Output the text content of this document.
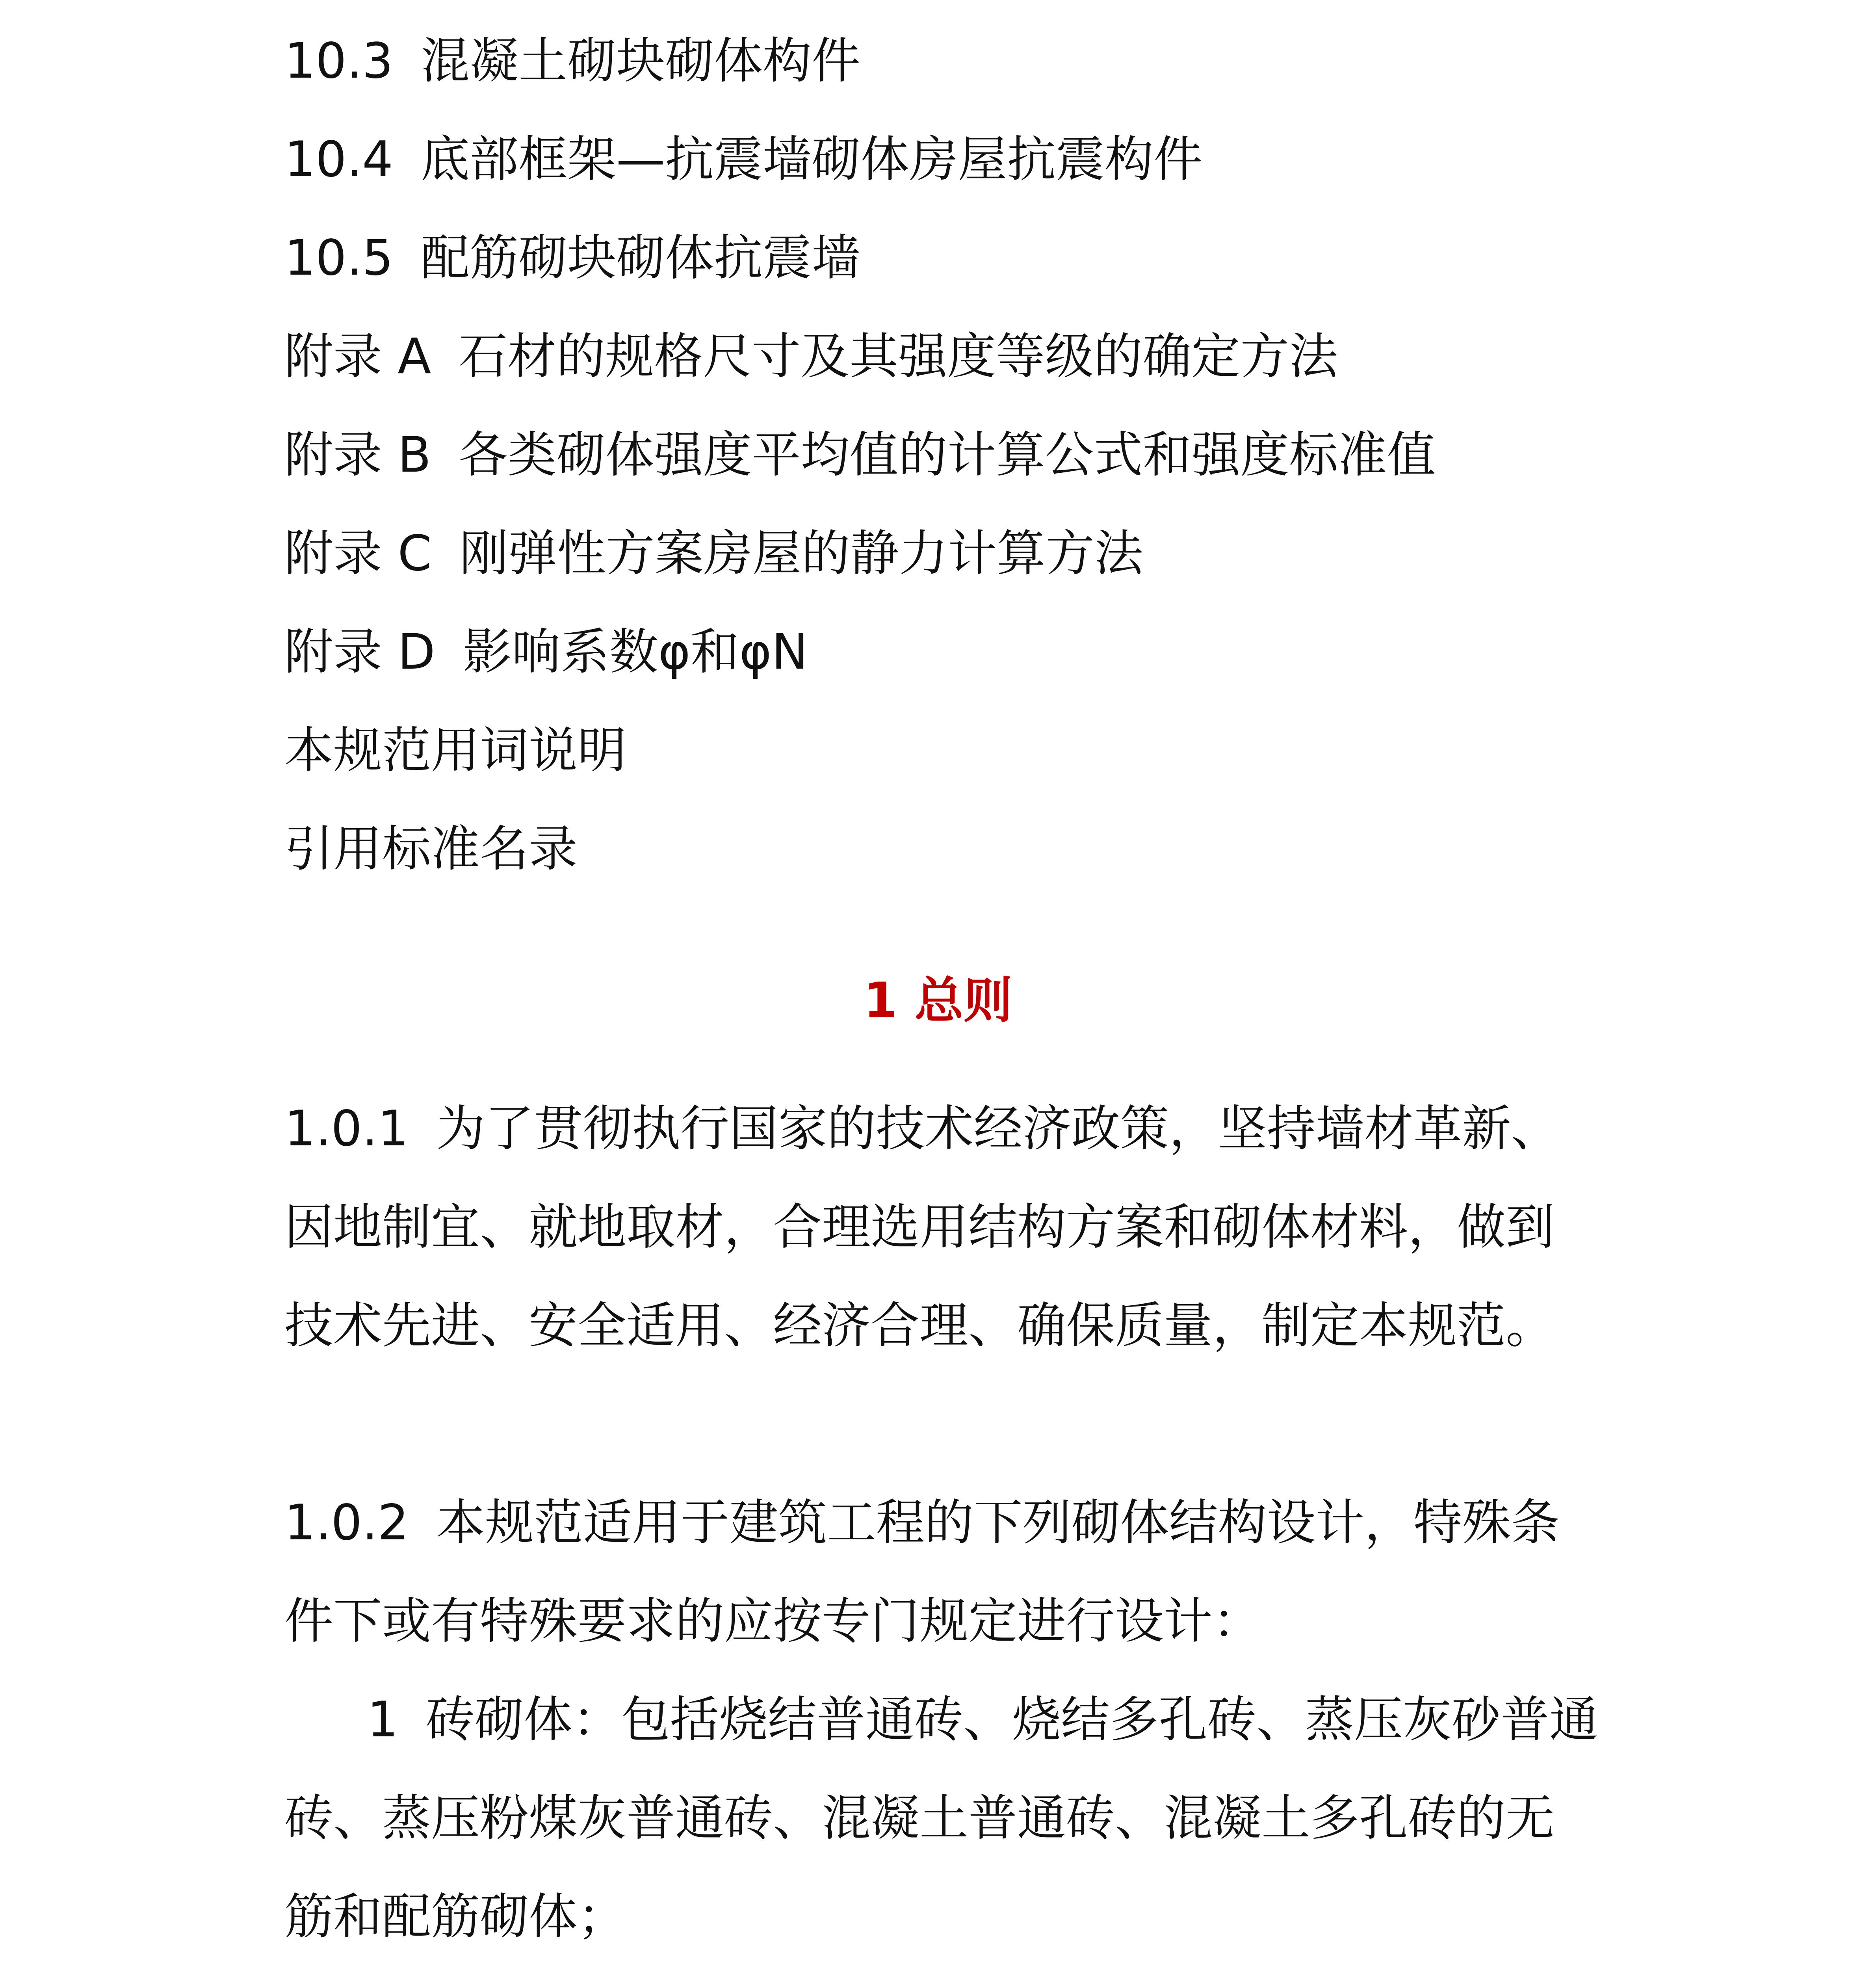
10.3 混凝土砌块砌体构件
10.4 底部框架—抗震墙砌体房屋抗震构件
10.5 配筋砌块砌体抗震墙
附录 A 石材的规格尺寸及其强度等级的确定方法
附录 B 各类砌体强度平均值的计算公式和强度标准值
附录 C 刚弹性方案房屋的静力计算方法
附录 D 影响系数φ和φN
本规范用词说明
引用标准名录
1 总则

1.0.1 为了贯彻执行国家的技术经济政策，坚持墙材革新、因地制宜、就地取材，合理选用结构方案和砌体材料，做到技术先进、安全适用、经济合理、确保质量，制定本规范。

1.0.2 本规范适用于建筑工程的下列砌体结构设计，特殊条件下或有特殊要求的应按专门规定进行设计：

1 砖砌体：包括烧结普通砖、烧结多孔砖、蒸压灰砂普通砖、蒸压粉煤灰普通砖、混凝土普通砖、混凝土多孔砖的无筋和配筋砌体；
